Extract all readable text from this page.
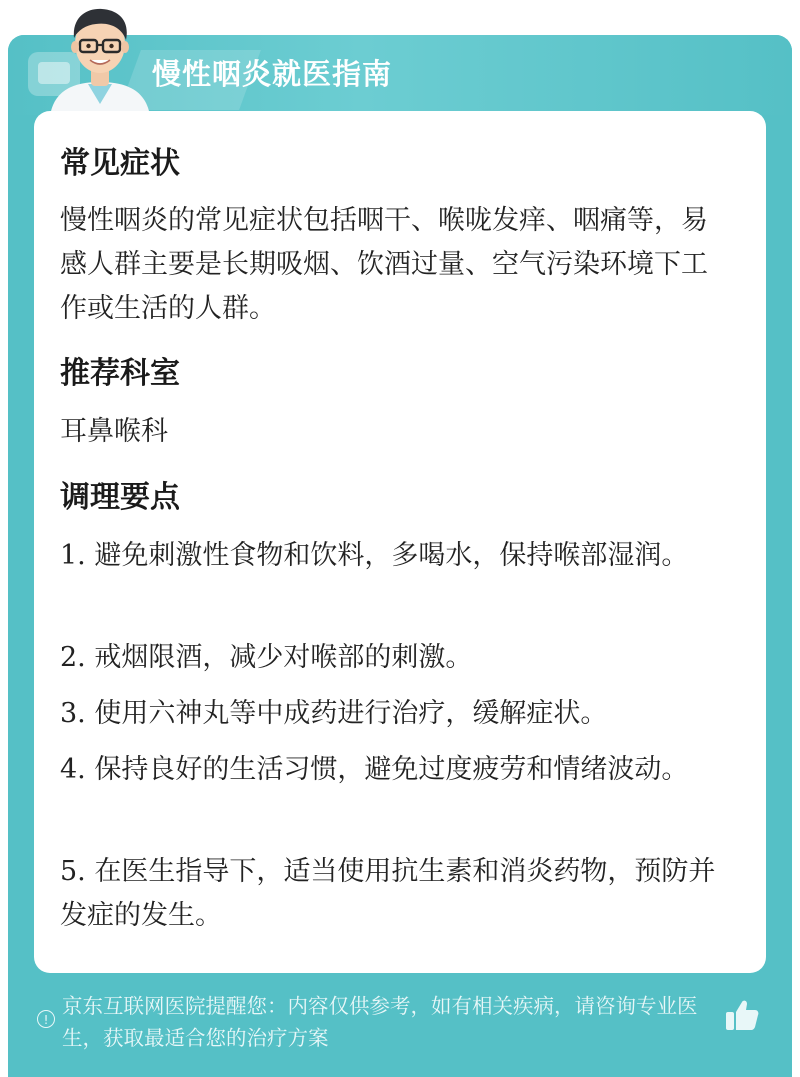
慢性咽炎就医指南
常见症状
慢性咽炎的常见症状包括咽干、喉咙发痒、咽痛等，易感人群主要是长期吸烟、饮酒过量、空气污染环境下工作或生活的人群。
推荐科室
耳鼻喉科
调理要点
1. 避免刺激性食物和饮料，多喝水，保持喉部湿润。
2. 戒烟限酒，减少对喉部的刺激。
3. 使用六神丸等中成药进行治疗，缓解症状。
4. 保持良好的生活习惯，避免过度疲劳和情绪波动。
5. 在医生指导下，适当使用抗生素和消炎药物，预防并发症的发生。
!
京东互联网医院提醒您：内容仅供参考，如有相关疾病，请咨询专业医生，获取最适合您的治疗方案
